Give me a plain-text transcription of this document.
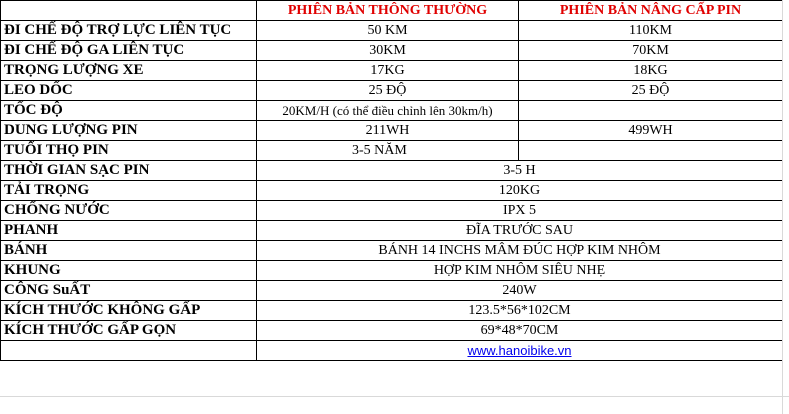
	PHIÊN BẢN THÔNG THƯỜNG	PHIÊN BẢN NÂNG CẤP PIN
ĐI CHẾ ĐỘ TRỢ LỰC LIÊN TỤC	50 KM	110KM
ĐI CHẾ ĐỘ GA LIÊN TỤC	30KM	70KM
TRỌNG LƯỢNG XE	17KG	18KG
LEO DỐC	25 ĐỘ	25 ĐỘ
TỐC ĐỘ	20KM/H (có thể điều chỉnh lên 30km/h)	
DUNG LƯỢNG PIN	211WH	499WH
TUỔI THỌ PIN	3-5 NĂM	
THỜI GIAN SẠC PIN	3-5 H	
TẢI TRỌNG	120KG	
CHỐNG NƯỚC	IPX 5	
PHANH	ĐĨA TRƯỚC SAU	
BÁNH	BÁNH 14 INCHS MÂM ĐÚC HỢP KIM NHÔM	
KHUNG	HỢP KIM NHÔM SIÊU NHẸ	
CÔNG SuẤT	240W	
KÍCH THƯỚC KHÔNG GẤP	123.5*56*102CM	
KÍCH THƯỚC GẤP GỌN	69*48*70CM	
	www.hanoibike.vn	
